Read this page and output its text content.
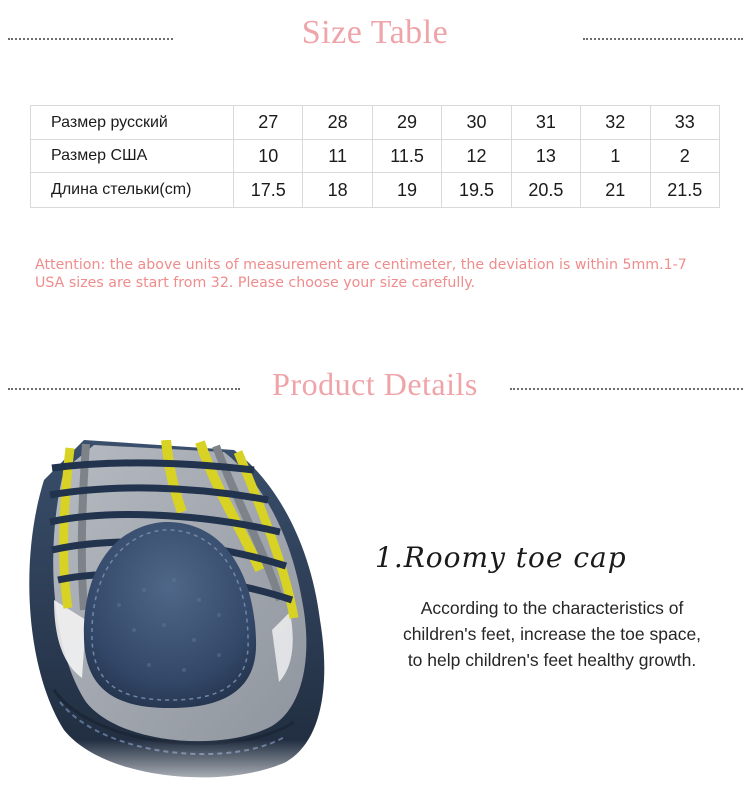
Size Table
Размер русский	27	28	29	30	31	32	33
Размер США	10	11	11.5	12	13	1	2
Длина стельки(cm)	17.5	18	19	19.5	20.5	21	21.5
Attention: the above units of measurement are centimeter, the deviation is within 5mm.1-7
USA sizes are start from 32. Please choose your size carefully.
Product Details
1.Roomy toe cap
According to the characteristics of
children's feet, increase the toe space,
to help children's feet healthy growth.
